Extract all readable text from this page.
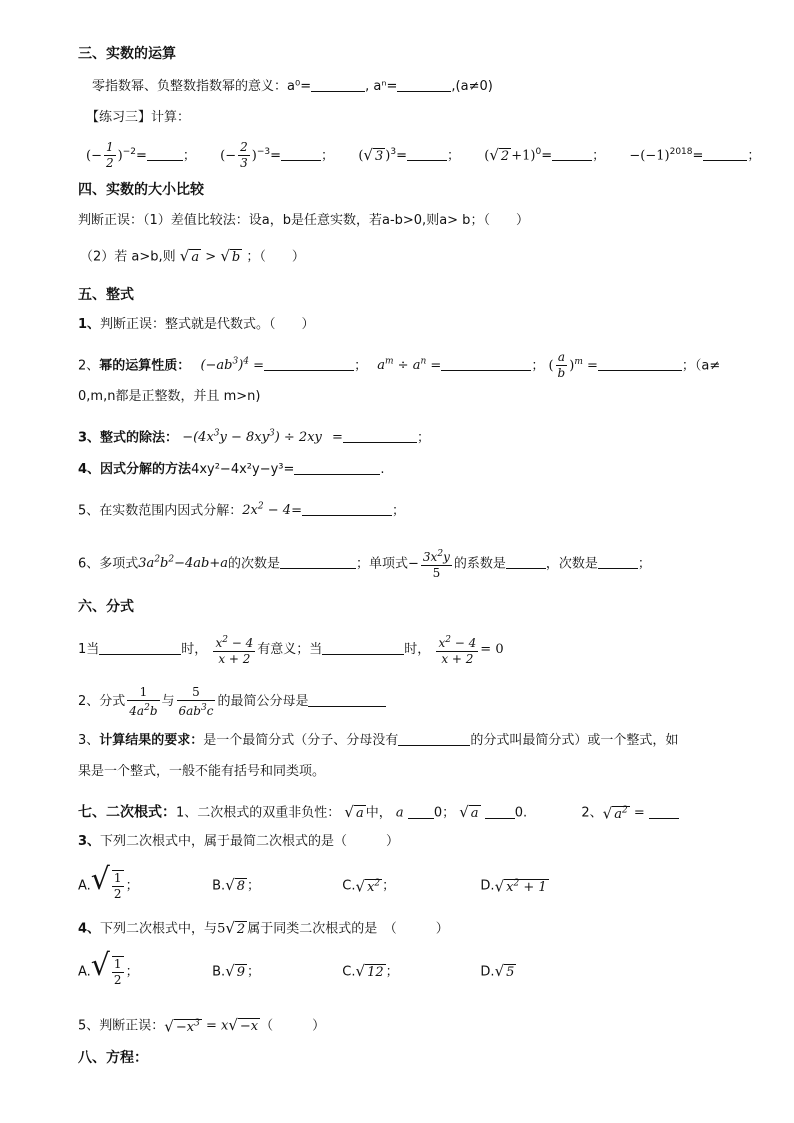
三、实数的运算
零指数幂、负整数指数幂的意义：a⁰=	, aⁿ=	,(a≠0)
【练习三】计算：
(− $\frac{1}{2} )^{-2}=$	； (− $\frac{2}{3} )^{-3}=$	； (√ 3 )$^3$=	； (√ 2 +1)$^0$=	； $-(-1)^{2018}=$	；
四、实数的大小比较
判断正误：（1）差值比较法：设a，b是任意实数，若a-b>0,则a> b；（　　）
（2）若 a>b,则 √ a > √ b ；（　　）
五、整式
1、判断正误：整式就是代数式。（　　）
2、幂的运算性质： $(-ab^3)^4$ =	； $a^m \div a^n$ =	； ( $\frac{a}{b} )^m$ =	；（a≠
0,m,n都是正整数，并且 m>n)
3、整式的除法： $-(4x^3y - 8xy^3) \div 2xy$ =	；
4、因式分解的方法4xy²−4x²y−y³=	.
5、在实数范围内因式分解：$2x^2 - 4=$	；
6、多项式$3a^2b^2-4ab+a$的次数是	；单项式− $\frac{3x^2y}{5}$ 的系数是	，次数是	；
六、分式
1当	时， $\frac{x^2 - 4}{x + 2}$ 有意义；当	时， $\frac{x^2 - 4}{x + 2} = 0$
2、分式 $\frac{1}{4a^2b}$ 与 $\frac{5}{6ab^3c}$ 的最简公分母是
3、计算结果的要求：是一个最简分式（分子、分母没有	的分式叫最简分式）或一个整式，如
果是一个整式，一般不能有括号和同类项。
七、二次根式：1、二次根式的双重非负性： √ a 中， a 0； √ a	0.	2、√ $a^2$ =
3、下列二次根式中，属于最简二次根式的是（　　　）
$A.√ \frac{1}{2}$ ；	B.√ 8 ；	C.√ $x^2$ ；	D.√ $x^2 + 1$
4、下列二次根式中，与5√ 2 属于同类二次根式的是　（　　　）
$A.√ \frac{1}{2}$ ；	B.√ 9 ；	C.√ 12 ；	D.√ 5
5、判断正误：√ $-x^3 = x√ -x$ （　　　）
八、方程：
